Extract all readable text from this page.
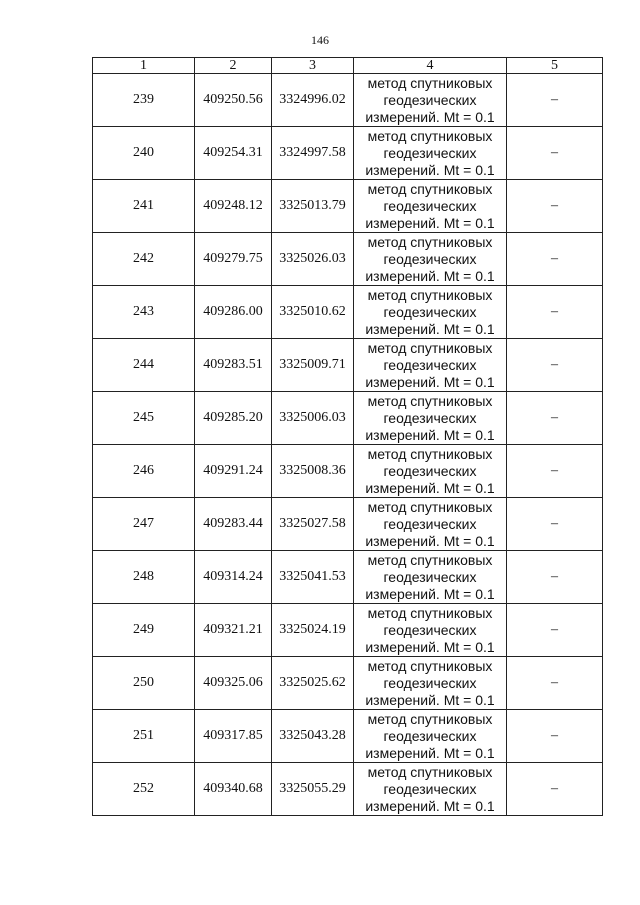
146
1	2	3	4	5
239	409250.56	3324996.02	метод спутниковых
геодезических
измерений. Mt = 0.1	–
240	409254.31	3324997.58	метод спутниковых
геодезических
измерений. Mt = 0.1	–
241	409248.12	3325013.79	метод спутниковых
геодезических
измерений. Mt = 0.1	–
242	409279.75	3325026.03	метод спутниковых
геодезических
измерений. Mt = 0.1	–
243	409286.00	3325010.62	метод спутниковых
геодезических
измерений. Mt = 0.1	–
244	409283.51	3325009.71	метод спутниковых
геодезических
измерений. Mt = 0.1	–
245	409285.20	3325006.03	метод спутниковых
геодезических
измерений. Mt = 0.1	–
246	409291.24	3325008.36	метод спутниковых
геодезических
измерений. Mt = 0.1	–
247	409283.44	3325027.58	метод спутниковых
геодезических
измерений. Mt = 0.1	–
248	409314.24	3325041.53	метод спутниковых
геодезических
измерений. Mt = 0.1	–
249	409321.21	3325024.19	метод спутниковых
геодезических
измерений. Mt = 0.1	–
250	409325.06	3325025.62	метод спутниковых
геодезических
измерений. Mt = 0.1	–
251	409317.85	3325043.28	метод спутниковых
геодезических
измерений. Mt = 0.1	–
252	409340.68	3325055.29	метод спутниковых
геодезических
измерений. Mt = 0.1	–
